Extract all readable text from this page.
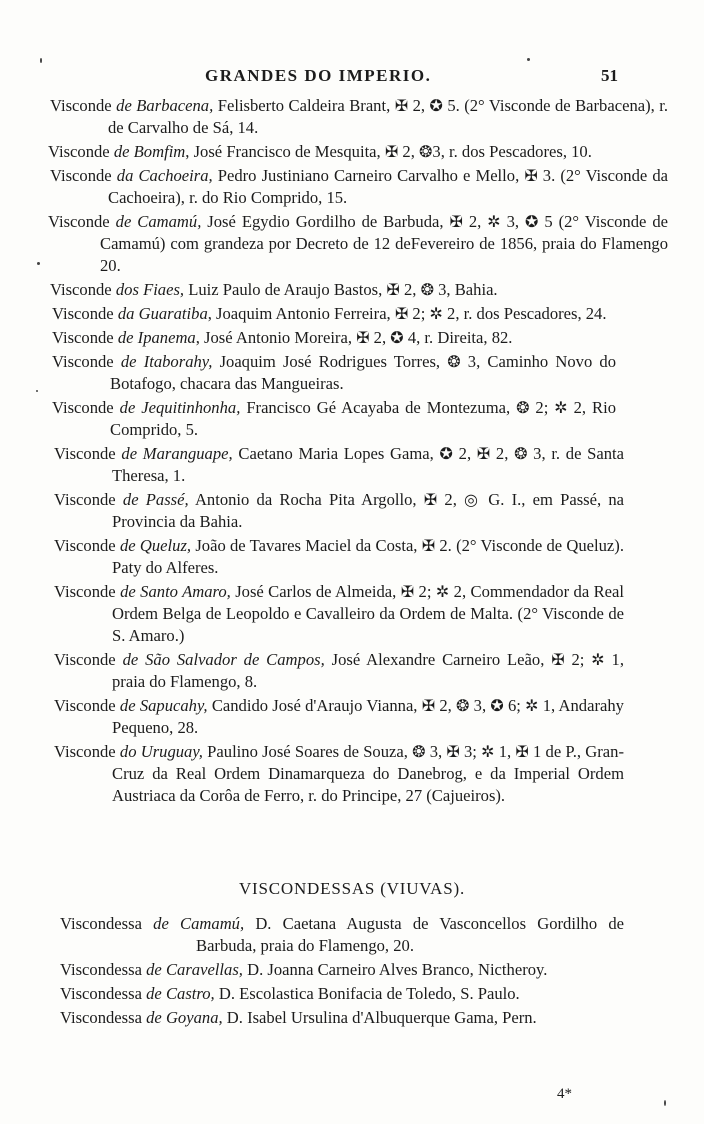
GRANDES DO IMPERIO.	51
Visconde de Barbacena, Felisberto Caldeira Brant, ✠ 2, ✪ 5. (2° Visconde de Barbacena), r. de Carvalho de Sá, 14.
Visconde de Bomfim, José Francisco de Mesquita, ✠ 2, ❂3, r. dos Pescadores, 10.
Visconde da Cachoeira, Pedro Justiniano Carneiro Carvalho e Mello, ✠ 3. (2° Visconde da Cachoeira), r. do Rio Comprido, 15.
Visconde de Camamú, José Egydio Gordilho de Barbuda, ✠ 2, ✲ 3, ✪ 5 (2° Visconde de Camamú) com grandeza por Decreto de 12 deFevereiro de 1856, praia do Flamengo 20.
Visconde dos Fiaes, Luiz Paulo de Araujo Bastos, ✠ 2, ❂ 3, Bahia.
Visconde da Guaratiba, Joaquim Antonio Ferreira, ✠ 2; ✲ 2, r. dos Pescadores, 24.
Visconde de Ipanema, José Antonio Moreira, ✠ 2, ✪ 4, r. Direita, 82.
Visconde de Itaborahy, Joaquim José Rodrigues Torres, ❂ 3, Caminho Novo do Botafogo, chacara das Mangueiras.
Visconde de Jequitinhonha, Francisco Gé Acayaba de Montezuma, ❂ 2; ✲ 2, Rio Comprido, 5.
Visconde de Maranguape, Caetano Maria Lopes Gama, ✪ 2, ✠ 2, ❂ 3, r. de Santa Theresa, 1.
Visconde de Passé, Antonio da Rocha Pita Argollo, ✠ 2, ◎ G. I., em Passé, na Provincia da Bahia.
Visconde de Queluz, João de Tavares Maciel da Costa, ✠ 2. (2° Visconde de Queluz). Paty do Alferes.
Visconde de Santo Amaro, José Carlos de Almeida, ✠ 2; ✲ 2, Commendador da Real Ordem Belga de Leopoldo e Cavalleiro da Ordem de Malta. (2° Visconde de S. Amaro.)
Visconde de São Salvador de Campos, José Alexandre Carneiro Leão, ✠ 2; ✲ 1, praia do Flamengo, 8.
Visconde de Sapucahy, Candido José d'Araujo Vianna, ✠ 2, ❂ 3, ✪ 6; ✲ 1, Andarahy Pequeno, 28.
Visconde do Uruguay, Paulino José Soares de Souza, ❂ 3, ✠ 3; ✲ 1, ✠ 1 de P., Gran-Cruz da Real Ordem Dinamarqueza do Danebrog, e da Imperial Ordem Austriaca da Corôa de Ferro, r. do Principe, 27 (Cajueiros).
VISCONDESSAS (VIUVAS).
Viscondessa de Camamú, D. Caetana Augusta de Vasconcellos Gordilho de Barbuda, praia do Flamengo, 20.
Viscondessa de Caravellas, D. Joanna Carneiro Alves Branco, Nictheroy.
Viscondessa de Castro, D. Escolastica Bonifacia de Toledo, S. Paulo.
Viscondessa de Goyana, D. Isabel Ursulina d'Albuquerque Gama, Pern.
4*
